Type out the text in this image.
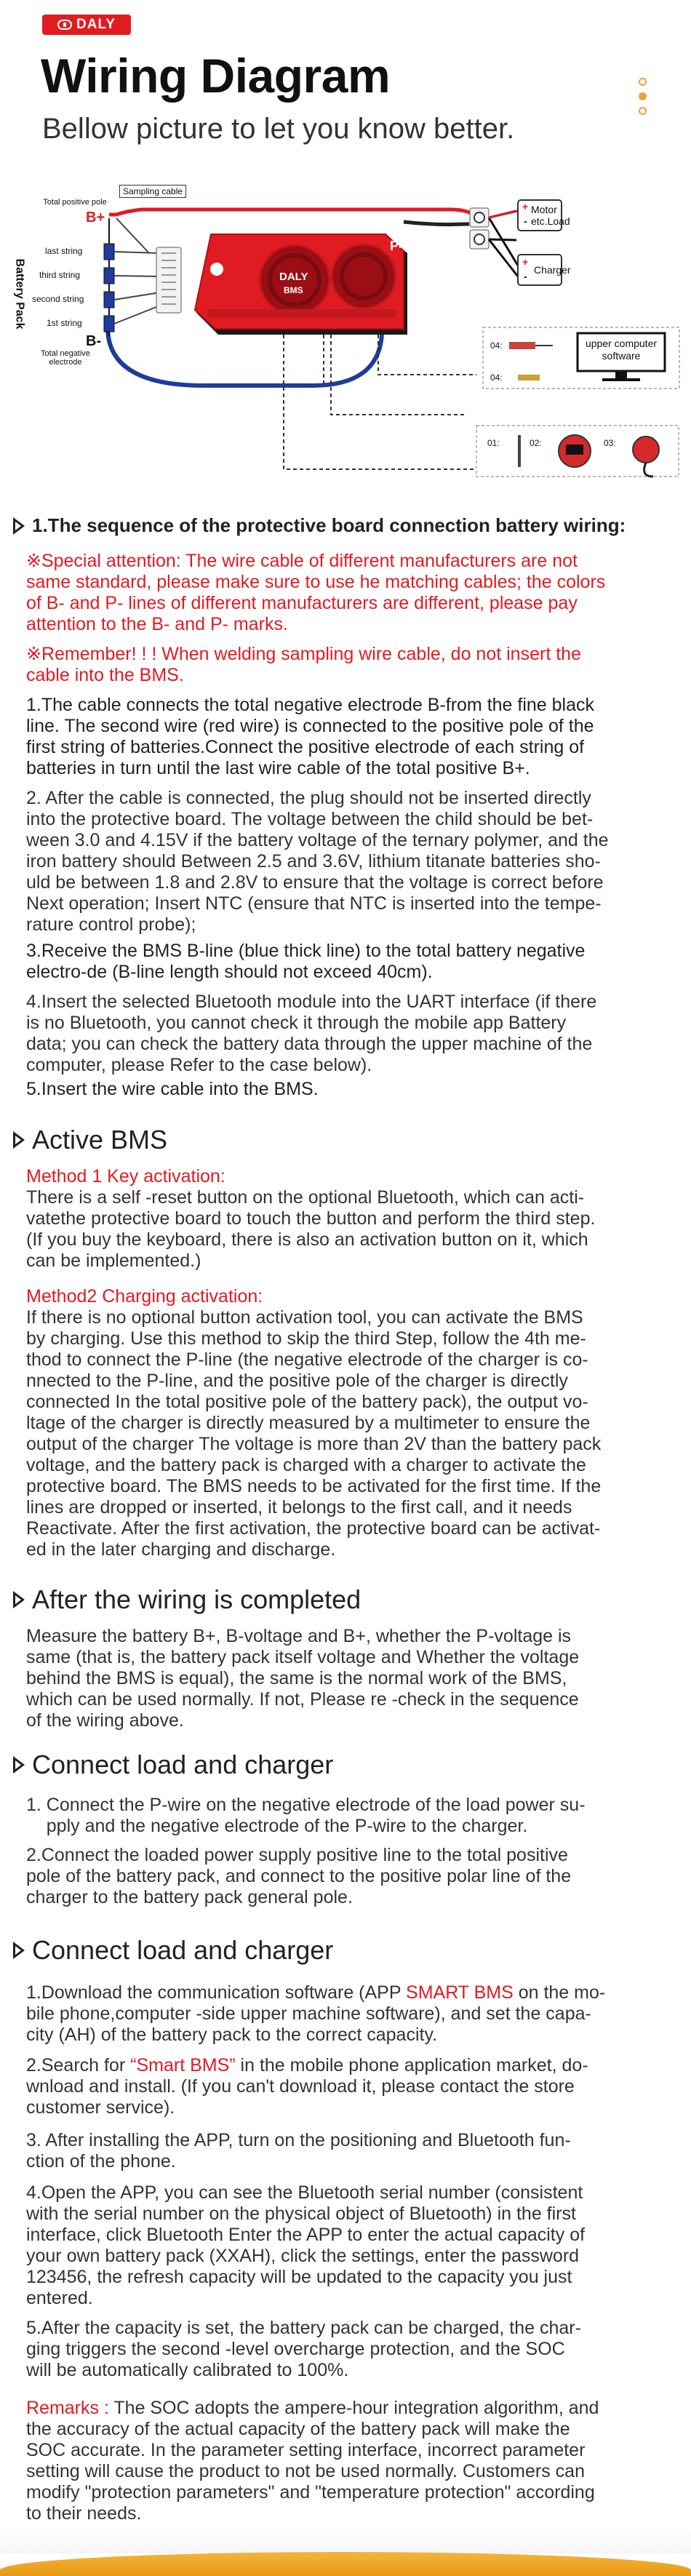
DALY
Wiring Diagram
Bellow picture to let you know better.
Total positive pole
B+
Sampling cable
Battery Pack
last string
third string
second string
1st string
B-
Total negative electrode
P-
DALY
BMS
+
-
Motor etc.Load
+
-
Charger
04:
04:
upper computer software
01:	02:	03:
1.The sequence of the protective board connection battery wiring:
※Special attention: The wire cable of different manufacturers are not
same standard, please make sure to use he matching cables; the colors
of B- and P- lines of different manufacturers are different, please pay
attention to the B- and P- marks.
※Remember! ! ! When welding sampling wire cable, do not insert the
cable into the BMS.
1.The cable connects the total negative electrode B-from the fine black
line. The second wire (red wire) is connected to the positive pole of the
first string of batteries.Connect the positive electrode of each string of
batteries in turn until the last wire cable of the total positive B+.
2. After the cable is connected, the plug should not be inserted directly
into the protective board. The voltage between the child should be bet-
ween 3.0 and 4.15V if the battery voltage of the ternary polymer, and the
iron battery should Between 2.5 and 3.6V, lithium titanate batteries sho-
uld be between 1.8 and 2.8V to ensure that the voltage is correct before
Next operation; Insert NTC (ensure that NTC is inserted into the tempe-
rature control probe);
3.Receive the BMS B-line (blue thick line) to the total battery negative
electro-de (B-line length should not exceed 40cm).
4.Insert the selected Bluetooth module into the UART interface (if there
is no Bluetooth, you cannot check it through the mobile app Battery
data; you can check the battery data through the upper machine of the
computer, please Refer to the case below).
5.Insert the wire cable into the BMS.
Active BMS
Method 1 Key activation:
There is a self -reset button on the optional Bluetooth, which can acti-
vatethe protective board to touch the button and perform the third step.
(If you buy the keyboard, there is also an activation button on it, which
can be implemented.)
Method2 Charging activation:
If there is no optional button activation tool, you can activate the BMS
by charging. Use this method to skip the third Step, follow the 4th me-
thod to connect the P-line (the negative electrode of the charger is co-
nnected to the P-line, and the positive pole of the charger is directly
connected In the total positive pole of the battery pack), the output vo-
ltage of the charger is directly measured by a multimeter to ensure the
output of the charger The voltage is more than 2V than the battery pack
voltage, and the battery pack is charged with a charger to activate the
protective board. The BMS needs to be activated for the first time. If the
lines are dropped or inserted, it belongs to the first call, and it needs
Reactivate. After the first activation, the protective board can be activat-
ed in the later charging and discharge.
After the wiring is completed
Measure the battery B+, B-voltage and B+, whether the P-voltage is
same (that is, the battery pack itself voltage and Whether the voltage
behind the BMS is equal), the same is the normal work of the BMS,
which can be used normally. If not, Please re -check in the sequence
of the wiring above.
Connect load and charger
1. Connect the P-wire on the negative electrode of the load power su-
pply and the negative electrode of the P-wire to the charger.
2.Connect the loaded power supply positive line to the total positive
pole of the battery pack, and connect to the positive polar line of the
charger to the battery pack general pole.
Connect load and charger
1.Download the communication software (APP SMART BMS on the mo-
bile phone,computer -side upper machine software), and set the capa-
city (AH) of the battery pack to the correct capacity.
2.Search for “Smart BMS” in the mobile phone application market, do-
wnload and install. (If you can't download it, please contact the store
customer service).
3. After installing the APP, turn on the positioning and Bluetooth fun-
ction of the phone.
4.Open the APP, you can see the Bluetooth serial number (consistent
with the serial number on the physical object of Bluetooth) in the first
interface, click Bluetooth Enter the APP to enter the actual capacity of
your own battery pack (XXAH), click the settings, enter the password
123456, the refresh capacity will be updated to the capacity you just
entered.
5.After the capacity is set, the battery pack can be charged, the char-
ging triggers the second -level overcharge protection, and the SOC
will be automatically calibrated to 100%.
Remarks : The SOC adopts the ampere-hour integration algorithm, and
the accuracy of the actual capacity of the battery pack will make the
SOC accurate. In the parameter setting interface, incorrect parameter
setting will cause the product to not be used normally. Customers can
modify "protection parameters" and "temperature protection" according
to their needs.
